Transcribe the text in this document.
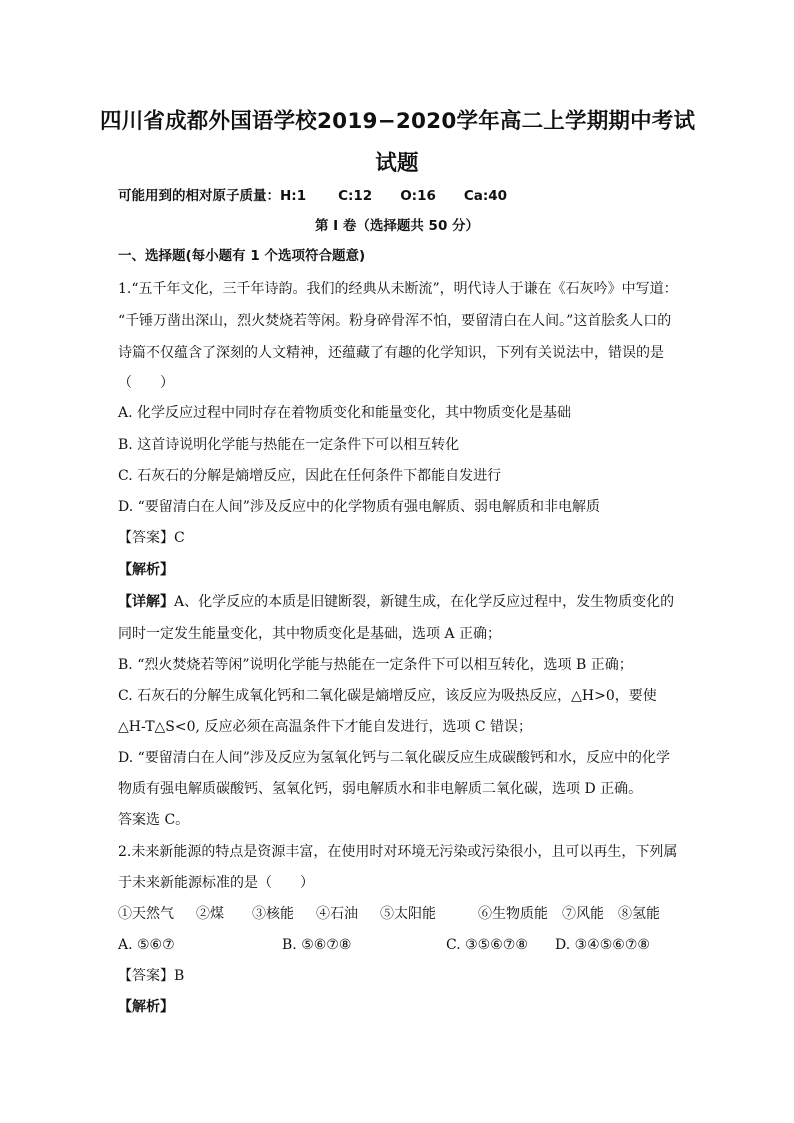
四川省成都外国语学校2019−2020学年高二上学期期中考试
试题
可能用到的相对原子质量：H:1 C:12 O:16 Ca:40
第 I 卷（选择题共 50 分）
一、选择题(每小题有 1 个选项符合题意)
1.“五千年文化，三千年诗韵。我们的经典从未断流”，明代诗人于谦在《石灰吟》中写道：
“千锤万凿出深山，烈火焚烧若等闲。粉身碎骨浑不怕，要留清白在人间。”这首脍炙人口的
诗篇不仅蕴含了深刻的人文精神，还蕴藏了有趣的化学知识，下列有关说法中，错误的是
（　　）
A. 化学反应过程中同时存在着物质变化和能量变化，其中物质变化是基础
B. 这首诗说明化学能与热能在一定条件下可以相互转化
C. 石灰石的分解是熵增反应，因此在任何条件下都能自发进行
D. “要留清白在人间”涉及反应中的化学物质有强电解质、弱电解质和非电解质
【答案】C
【解析】
【详解】A、化学反应的本质是旧键断裂，新键生成，在化学反应过程中，发生物质变化的
同时一定发生能量变化，其中物质变化是基础，选项 A 正确；
B. “烈火焚烧若等闲”说明化学能与热能在一定条件下可以相互转化，选项 B 正确；
C. 石灰石的分解生成氧化钙和二氧化碳是熵增反应，该反应为吸热反应，△H>0，要使
△H-T△S<0, 反应必须在高温条件下才能自发进行，选项 C 错误；
D. “要留清白在人间”涉及反应为氢氧化钙与二氧化碳反应生成碳酸钙和水，反应中的化学
物质有强电解质碳酸钙、氢氧化钙，弱电解质水和非电解质二氧化碳，选项 D 正确。
答案选 C。
2.未来新能源的特点是资源丰富，在使用时对环境无污染或污染很小，且可以再生，下列属
于未来新能源标准的是（　　）
①天然气 ②煤 ③核能 ④石油 ⑤太阳能	⑥生物质能 ⑦风能 ⑧氢能
A. ⑤⑥⑦	B. ⑤⑥⑦⑧	C. ③⑤⑥⑦⑧ D. ③④⑤⑥⑦⑧
【答案】B
【解析】
